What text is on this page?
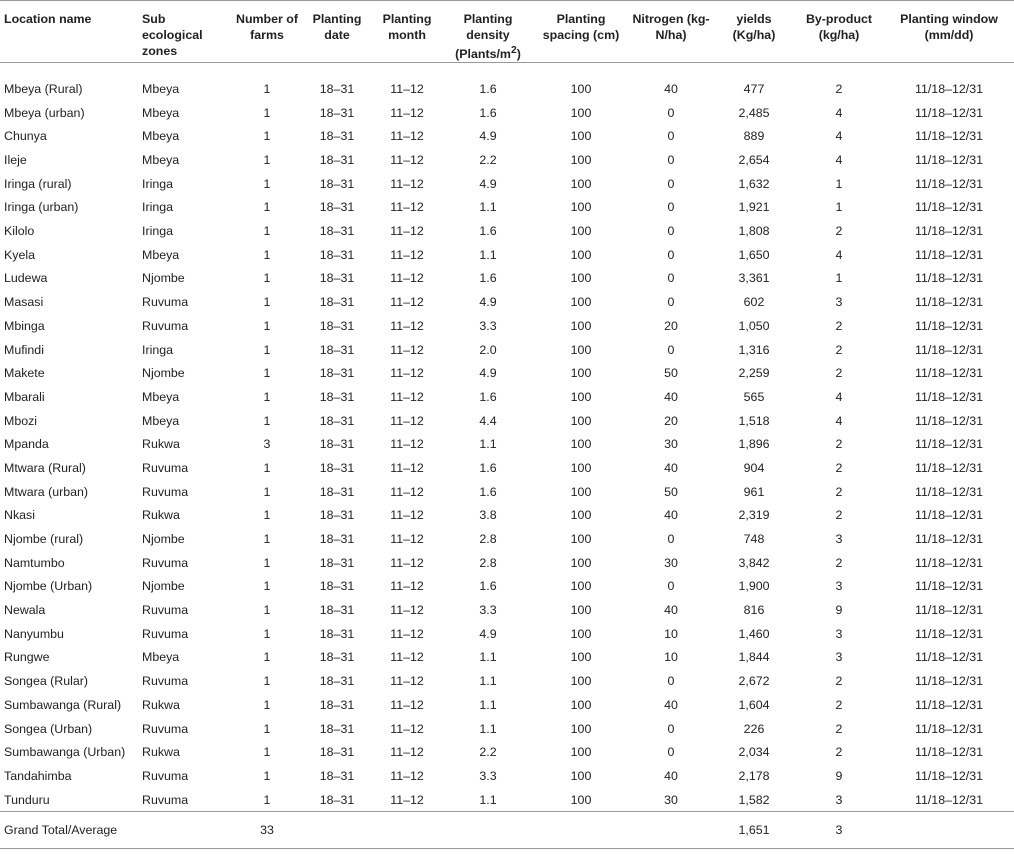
Location name	Sub ecological zones	Number of farms	Planting date	Planting month	Planting density $(Plants/m^2)$	Planting spacing (cm)	Nitrogen (kg-N/ha)	yields (Kg/ha)	By-product (kg/ha)	Planting window (mm/dd)
Mbeya (Rural)	Mbeya	1	18–31	11–12	1.6	100	40	477	2	11/18–12/31
Mbeya (urban)	Mbeya	1	18–31	11–12	1.6	100	0	2,485	4	11/18–12/31
Chunya	Mbeya	1	18–31	11–12	4.9	100	0	889	4	11/18–12/31
Ileje	Mbeya	1	18–31	11–12	2.2	100	0	2,654	4	11/18–12/31
Iringa (rural)	Iringa	1	18–31	11–12	4.9	100	0	1,632	1	11/18–12/31
Iringa (urban)	Iringa	1	18–31	11–12	1.1	100	0	1,921	1	11/18–12/31
Kilolo	Iringa	1	18–31	11–12	1.6	100	0	1,808	2	11/18–12/31
Kyela	Mbeya	1	18–31	11–12	1.1	100	0	1,650	4	11/18–12/31
Ludewa	Njombe	1	18–31	11–12	1.6	100	0	3,361	1	11/18–12/31
Masasi	Ruvuma	1	18–31	11–12	4.9	100	0	602	3	11/18–12/31
Mbinga	Ruvuma	1	18–31	11–12	3.3	100	20	1,050	2	11/18–12/31
Mufindi	Iringa	1	18–31	11–12	2.0	100	0	1,316	2	11/18–12/31
Makete	Njombe	1	18–31	11–12	4.9	100	50	2,259	2	11/18–12/31
Mbarali	Mbeya	1	18–31	11–12	1.6	100	40	565	4	11/18–12/31
Mbozi	Mbeya	1	18–31	11–12	4.4	100	20	1,518	4	11/18–12/31
Mpanda	Rukwa	3	18–31	11–12	1.1	100	30	1,896	2	11/18–12/31
Mtwara (Rural)	Ruvuma	1	18–31	11–12	1.6	100	40	904	2	11/18–12/31
Mtwara (urban)	Ruvuma	1	18–31	11–12	1.6	100	50	961	2	11/18–12/31
Nkasi	Rukwa	1	18–31	11–12	3.8	100	40	2,319	2	11/18–12/31
Njombe (rural)	Njombe	1	18–31	11–12	2.8	100	0	748	3	11/18–12/31
Namtumbo	Ruvuma	1	18–31	11–12	2.8	100	30	3,842	2	11/18–12/31
Njombe (Urban)	Njombe	1	18–31	11–12	1.6	100	0	1,900	3	11/18–12/31
Newala	Ruvuma	1	18–31	11–12	3.3	100	40	816	9	11/18–12/31
Nanyumbu	Ruvuma	1	18–31	11–12	4.9	100	10	1,460	3	11/18–12/31
Rungwe	Mbeya	1	18–31	11–12	1.1	100	10	1,844	3	11/18–12/31
Songea (Rular)	Ruvuma	1	18–31	11–12	1.1	100	0	2,672	2	11/18–12/31
Sumbawanga (Rural)	Rukwa	1	18–31	11–12	1.1	100	40	1,604	2	11/18–12/31
Songea (Urban)	Ruvuma	1	18–31	11–12	1.1	100	0	226	2	11/18–12/31
Sumbawanga (Urban)	Rukwa	1	18–31	11–12	2.2	100	0	2,034	2	11/18–12/31
Tandahimba	Ruvuma	1	18–31	11–12	3.3	100	40	2,178	9	11/18–12/31
Tunduru	Ruvuma	1	18–31	11–12	1.1	100	30	1,582	3	11/18–12/31
Grand Total/Average		33						1,651	3	
